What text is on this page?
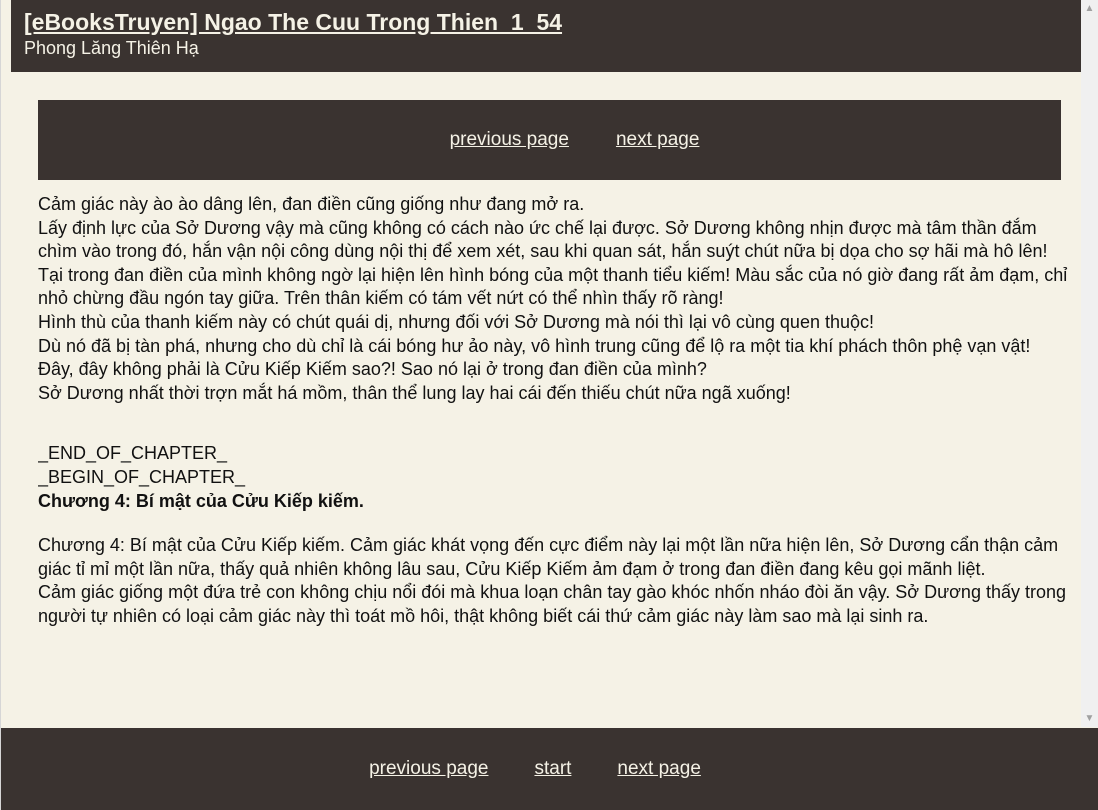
[eBooksTruyen] Ngao The Cuu Trong Thien_1_54
Phong Lăng Thiên Hạ
previous page next page

Cảm giác này ào ào dâng lên, đan điền cũng giống như đang mở ra.

Lấy định lực của Sở Dương vậy mà cũng không có cách nào ức chế lại được. Sở Dương không nhịn được mà tâm thần đắm chìm vào trong đó, hắn vận nội công dùng nội thị để xem xét, sau khi quan sát, hắn suýt chút nữa bị dọa cho sợ hãi mà hô lên!

Tại trong đan điền của mình không ngờ lại hiện lên hình bóng của một thanh tiểu kiếm! Màu sắc của nó giờ đang rất ảm đạm, chỉ nhỏ chừng đầu ngón tay giữa. Trên thân kiếm có tám vết nứt có thể nhìn thấy rõ ràng!

Hình thù của thanh kiếm này có chút quái dị, nhưng đối với Sở Dương mà nói thì lại vô cùng quen thuộc!

Dù nó đã bị tàn phá, nhưng cho dù chỉ là cái bóng hư ảo này, vô hình trung cũng để lộ ra một tia khí phách thôn phệ vạn vật!

Đây, đây không phải là Cửu Kiếp Kiếm sao?! Sao nó lại ở trong đan điền của mình?

Sở Dương nhất thời trợn mắt há mồm, thân thể lung lay hai cái đến thiếu chút nữa ngã xuống!

_END_OF_CHAPTER_

_BEGIN_OF_CHAPTER_

Chương 4: Bí mật của Cửu Kiếp kiếm.

Chương 4: Bí mật của Cửu Kiếp kiếm. Cảm giác khát vọng đến cực điểm này lại một lần nữa hiện lên, Sở Dương cẩn thận cảm giác tỉ mỉ một lần nữa, thấy quả nhiên không lâu sau, Cửu Kiếp Kiếm ảm đạm ở trong đan điền đang kêu gọi mãnh liệt.

Cảm giác giống một đứa trẻ con không chịu nổi đói mà khua loạn chân tay gào khóc nhốn nháo đòi ăn vậy. Sở Dương thấy trong người tự nhiên có loại cảm giác này thì toát mồ hôi, thật không biết cái thứ cảm giác này làm sao mà lại sinh ra.

▲
▼
previous page start next page
